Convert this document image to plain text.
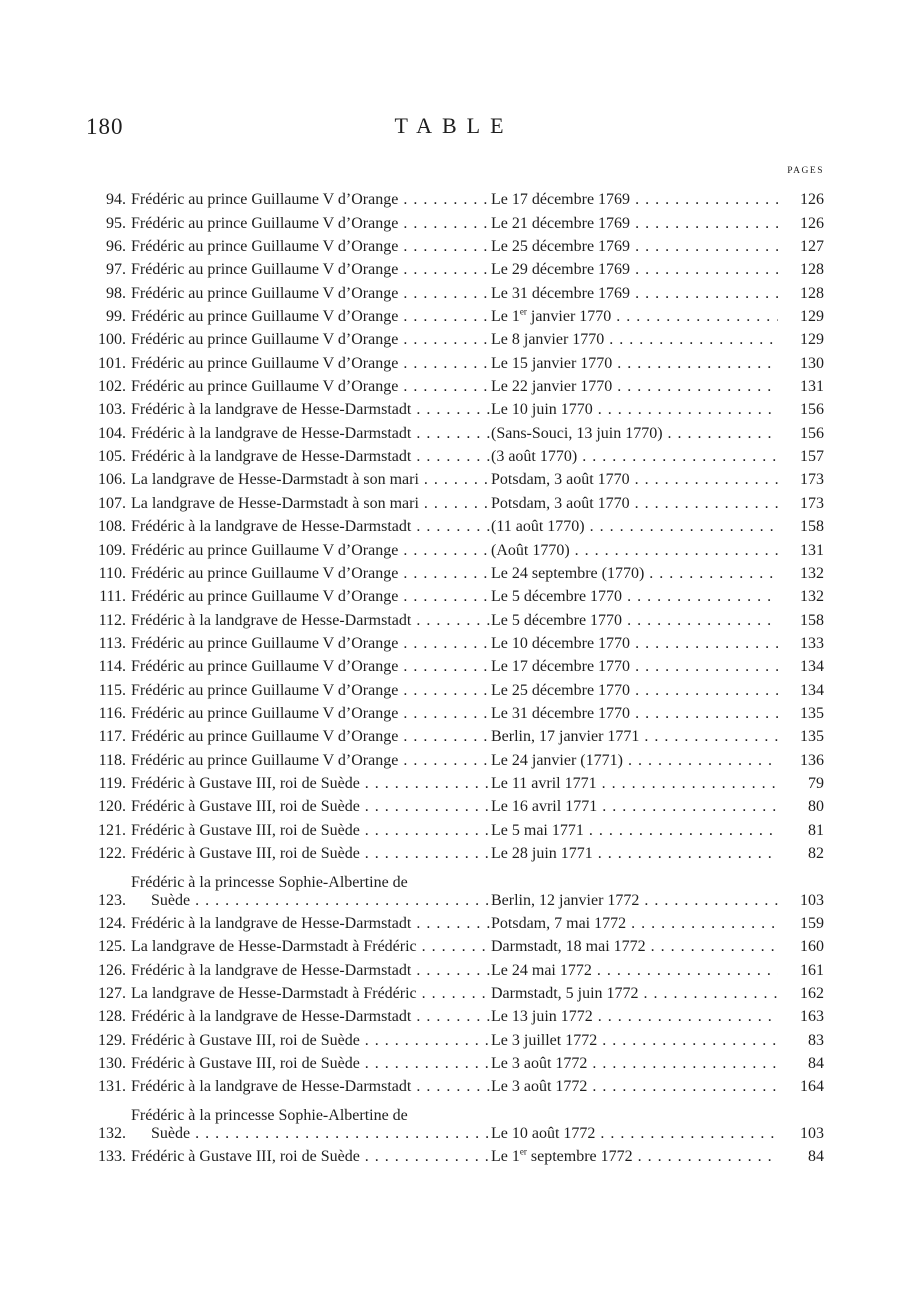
180	TABLE
PAGES
94. Frédéric au prince Guillaume V d’Orange . . .	Le 17 décembre 1769 . . .	126
95. Frédéric au prince Guillaume V d’Orange . . .	Le 21 décembre 1769 . . .	126
96. Frédéric au prince Guillaume V d’Orange . . .	Le 25 décembre 1769 . . .	127
97. Frédéric au prince Guillaume V d’Orange . . .	Le 29 décembre 1769 . . .	128
98. Frédéric au prince Guillaume V d’Orange . . .	Le 31 décembre 1769 . . .	128
99. Frédéric au prince Guillaume V d’Orange . . .	Le 1er janvier 1770 . . .	129
100. Frédéric au prince Guillaume V d’Orange . . .	Le 8 janvier 1770 . . .	129
101. Frédéric au prince Guillaume V d’Orange . . .	Le 15 janvier 1770 . . .	130
102. Frédéric au prince Guillaume V d’Orange . . .	Le 22 janvier 1770 . . .	131
103. Frédéric à la landgrave de Hesse-Darmstadt . . .	Le 10 juin 1770 . . .	156
104. Frédéric à la landgrave de Hesse-Darmstadt . . .	(Sans-Souci, 13 juin 1770) . . .	156
105. Frédéric à la landgrave de Hesse-Darmstadt . . .	(3 août 1770) . . .	157
106. La landgrave de Hesse-Darmstadt à son mari . . .	Potsdam, 3 août 1770 . . .	173
107. La landgrave de Hesse-Darmstadt à son mari . . .	Potsdam, 3 août 1770 . . .	173
108. Frédéric à la landgrave de Hesse-Darmstadt . . .	(11 août 1770) . . .	158
109. Frédéric au prince Guillaume V d’Orange . . .	(Août 1770) . . .	131
110. Frédéric au prince Guillaume V d’Orange . . .	Le 24 septembre (1770) . . .	132
111. Frédéric au prince Guillaume V d’Orange . . .	Le 5 décembre 1770 . . .	132
112. Frédéric à la landgrave de Hesse-Darmstadt . . .	Le 5 décembre 1770 . . .	158
113. Frédéric au prince Guillaume V d’Orange . . .	Le 10 décembre 1770 . . .	133
114. Frédéric au prince Guillaume V d’Orange . . .	Le 17 décembre 1770 . . .	134
115. Frédéric au prince Guillaume V d’Orange . . .	Le 25 décembre 1770 . . .	134
116. Frédéric au prince Guillaume V d’Orange . . .	Le 31 décembre 1770 . . .	135
117. Frédéric au prince Guillaume V d’Orange . . .	Berlin, 17 janvier 1771 . . .	135
118. Frédéric au prince Guillaume V d’Orange . . .	Le 24 janvier (1771) . . .	136
119. Frédéric à Gustave III, roi de Suède . . .	Le 11 avril 1771 . . .	79
120. Frédéric à Gustave III, roi de Suède . . .	Le 16 avril 1771 . . .	80
121. Frédéric à Gustave III, roi de Suède . . .	Le 5 mai 1771 . . .	81
122. Frédéric à Gustave III, roi de Suède . . .	Le 28 juin 1771 . . .	82
123.
Frédéric à la princesse Sophie-Albertine de
Suède . . .	Berlin, 12 janvier 1772 . . .	103
124. Frédéric à la landgrave de Hesse-Darmstadt . . .	Potsdam, 7 mai 1772 . . .	159
125. La landgrave de Hesse-Darmstadt à Frédéric . . .	Darmstadt, 18 mai 1772 . . .	160
126. Frédéric à la landgrave de Hesse-Darmstadt . . .	Le 24 mai 1772 . . .	161
127. La landgrave de Hesse-Darmstadt à Frédéric . . .	Darmstadt, 5 juin 1772 . . .	162
128. Frédéric à la landgrave de Hesse-Darmstadt . . .	Le 13 juin 1772 . . .	163
129. Frédéric à Gustave III, roi de Suède . . .	Le 3 juillet 1772 . . .	83
130. Frédéric à Gustave III, roi de Suède . . .	Le 3 août 1772 . . .	84
131. Frédéric à la landgrave de Hesse-Darmstadt . . .	Le 3 août 1772 . . .	164
132.
Frédéric à la princesse Sophie-Albertine de
Suède . . .	Le 10 août 1772 . . .	103
133. Frédéric à Gustave III, roi de Suède . . .	Le 1er septembre 1772 . . .	84
